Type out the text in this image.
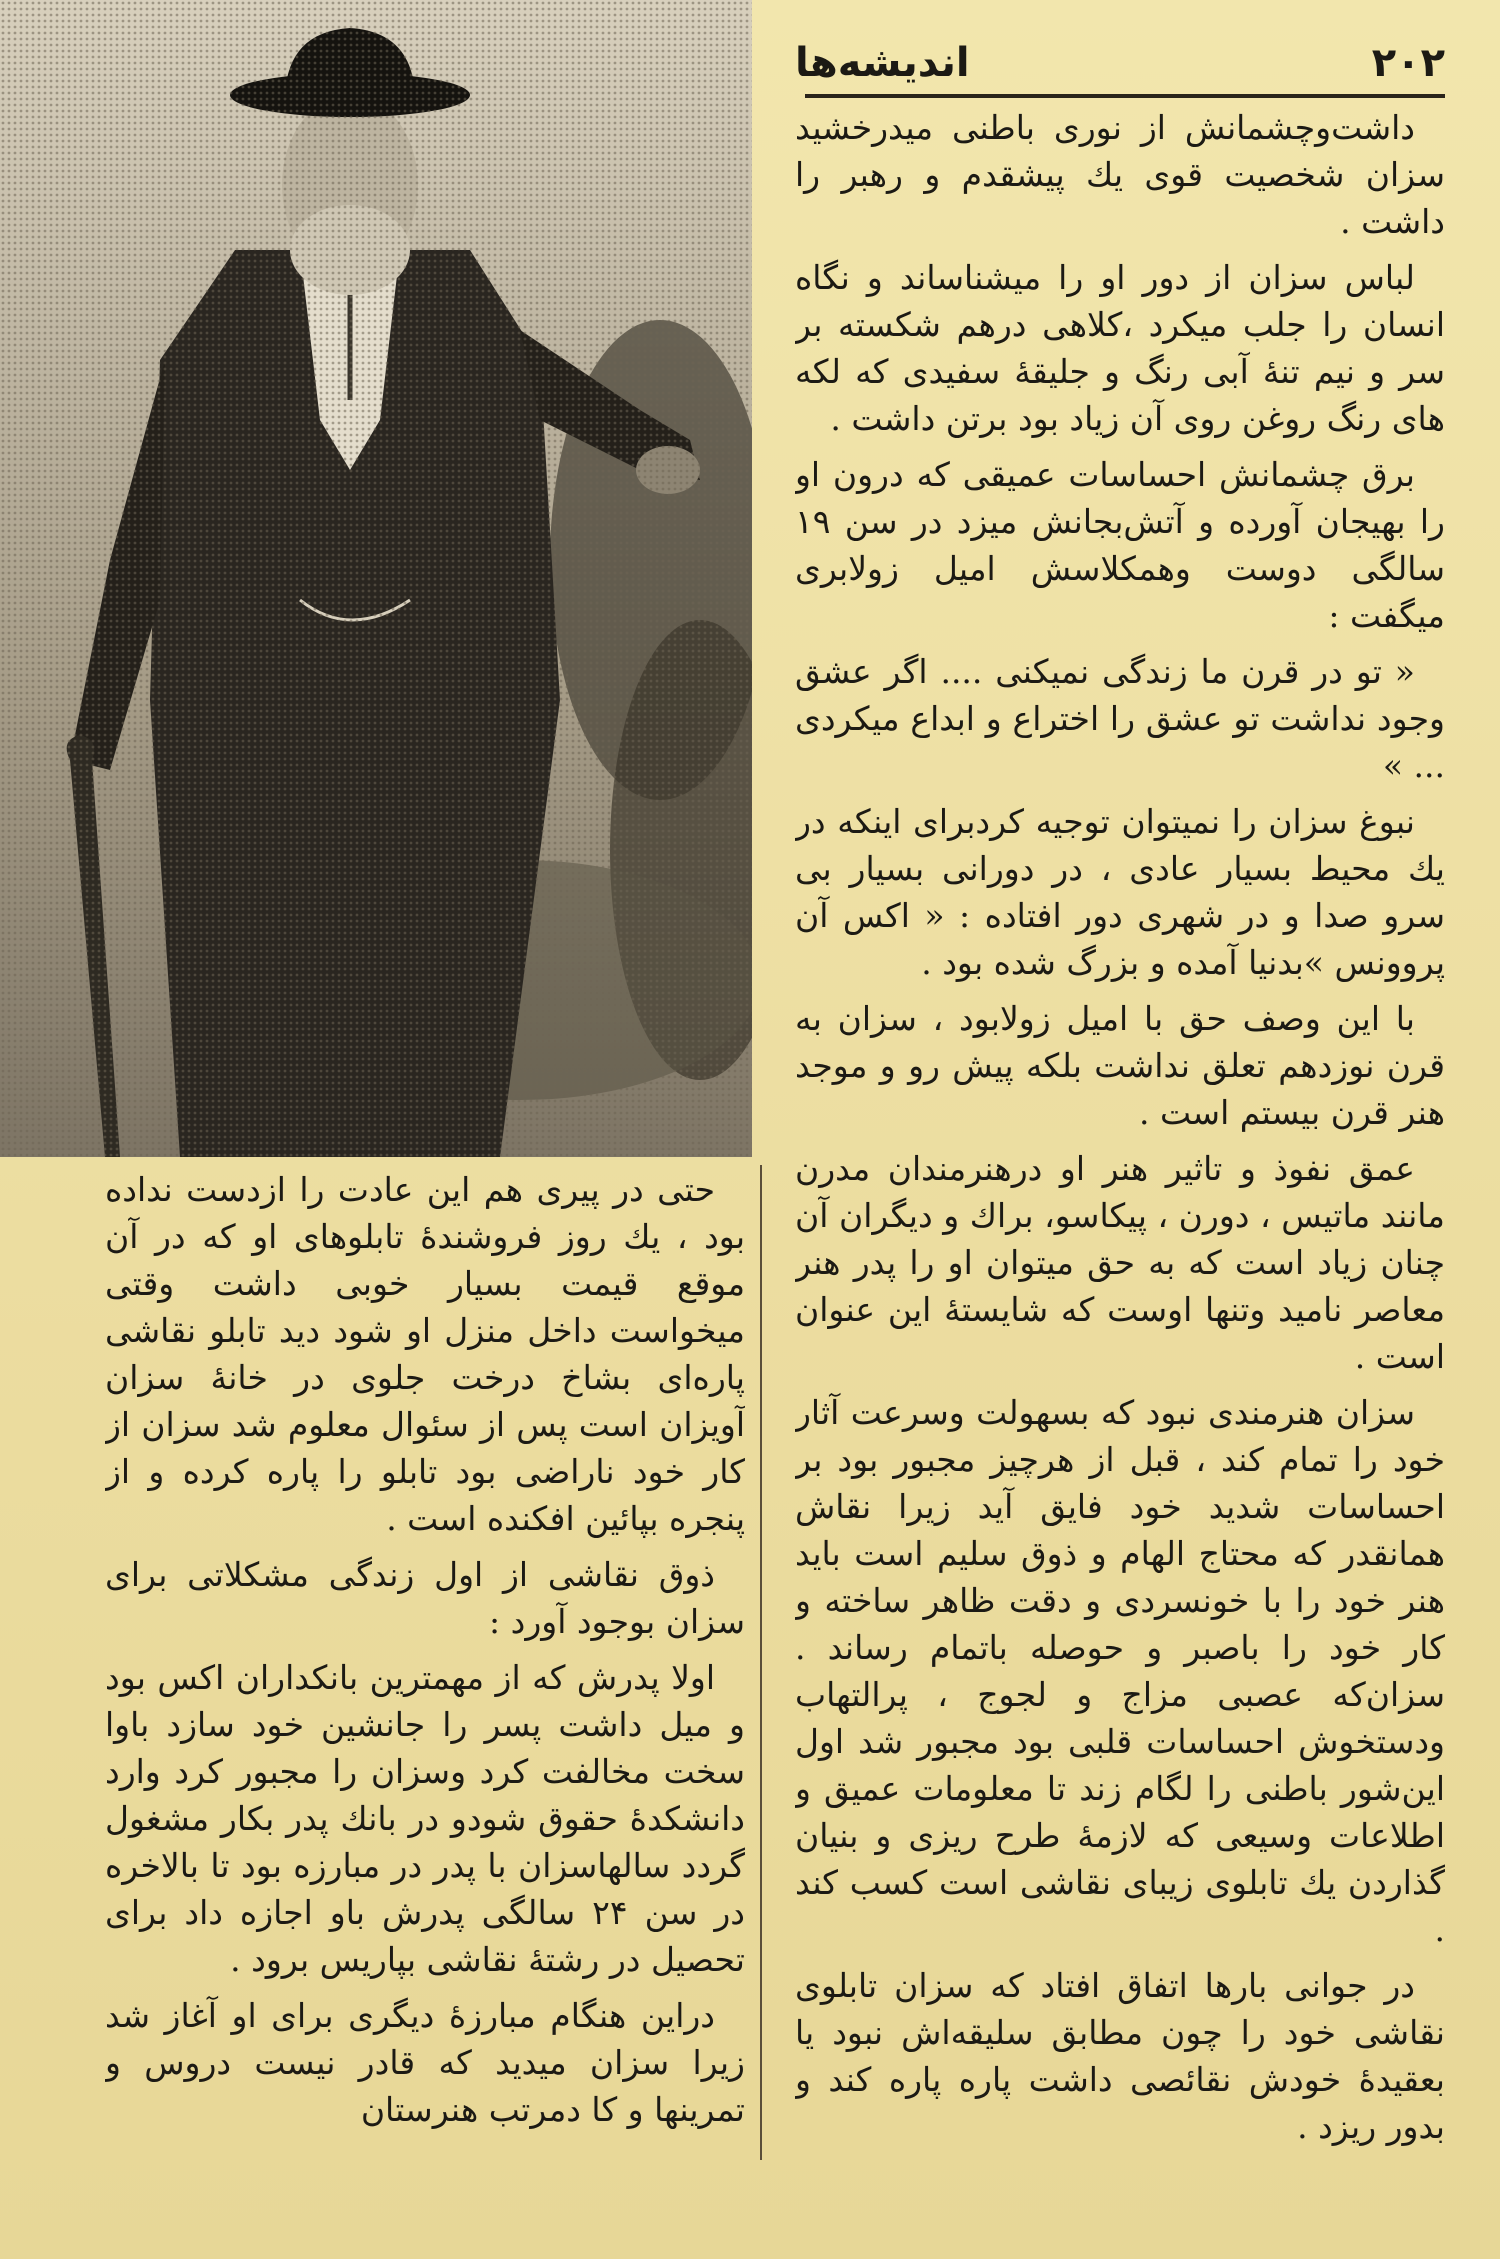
۲۰۲
اندیشه‌ها

داشت‌وچشمانش از نوری باطنی میدرخشید سزان شخصیت قوی یك پیشقدم و رهبر را داشت .

لباس سزان از دور او را میشناساند و نگاه انسان را جلب میکرد ،کلاهی درهم شکسته بر سر و نیم تنهٔ آبی رنگ و جلیقهٔ سفیدی که لکه های رنگ روغن روی آن زیاد بود برتن داشت .

برق چشمانش احساسات عمیقی که درون او را بهیجان آورده و آتش‌بجانش میزد در سن ۱۹ سالگی دوست وهمکلاسش امیل زولابری میگفت :

« تو در قرن ما زندگی نمیکنی .... اگر عشق وجود نداشت تو عشق را اختراع و ابداع میکردی ... »

نبوغ سزان را نمیتوان توجیه کردبرای اینکه در یك محیط بسیار عادی ، در دورانی بسیار بی سرو صدا و در شهری دور افتاده : « اکس آن پروونس »بدنیا آمده و بزرگ شده بود .

با این وصف حق با امیل زولابود ، سزان به قرن نوزدهم تعلق نداشت بلکه پیش رو و موجد هنر قرن بیستم است .

عمق نفوذ و تاثیر هنر او درهنرمندان مدرن مانند ماتیس ، دورن ، پیکاسو، براك و دیگران آن چنان زیاد است که به حق میتوان او را پدر هنر معاصر نامید وتنها اوست که شایستهٔ این عنوان است .

سزان هنرمندی نبود که بسهولت وسرعت آثار خود را تمام کند ، قبل از هرچیز مجبور بود بر احساسات شدید خود فایق آید زیرا نقاش همانقدر که محتاج الهام و ذوق سلیم است باید هنر خود را با خونسردی و دقت ظاهر ساخته و کار خود را باصبر و حوصله باتمام رساند . سزان‌که عصبی مزاج و لجوج ، پرالتهاب ودستخوش احساسات قلبی بود مجبور شد اول این‌شور باطنی را لگام زند تا معلومات عمیق و اطلاعات وسیعی که لازمهٔ طرح ریزی و بنیان گذاردن یك تابلوی زیبای نقاشی است کسب کند .

در جوانی بارها اتفاق افتاد که سزان تابلوی نقاشی خود را چون مطابق سلیقه‌اش نبود یا بعقیدهٔ خودش نقائصی داشت پاره پاره کند و بدور ریزد .

حتی در پیری هم این عادت را ازدست نداده بود ، یك روز فروشندهٔ تابلوهای او که در آن موقع قیمت بسیار خوبی داشت وقتی میخواست داخل منزل او شود دید تابلو نقاشی پاره‌ای بشاخ درخت جلوی در خانهٔ سزان آویزان است پس از سئوال معلوم شد سزان از کار خود ناراضی بود تابلو را پاره کرده و از پنجره بپائین افکنده است .

ذوق نقاشی از اول زندگی مشکلاتی برای سزان بوجود آورد :

اولا پدرش که از مهمترین بانکداران اکس بود و میل داشت پسر را جانشین خود سازد باوا سخت مخالفت کرد وسزان را مجبور کرد وارد دانشکدهٔ حقوق شودو در بانك پدر بکار مشغول گردد سالهاسزان با پدر در مبارزه بود تا بالاخره در سن ۲۴ سالگی پدرش باو اجازه داد برای تحصیل در رشتهٔ نقاشی بپاریس برود .

دراین هنگام مبارزهٔ دیگری برای او آغاز شد زیرا سزان میدید که قادر نیست دروس و تمرینها و کا دمرتب هنرستان
